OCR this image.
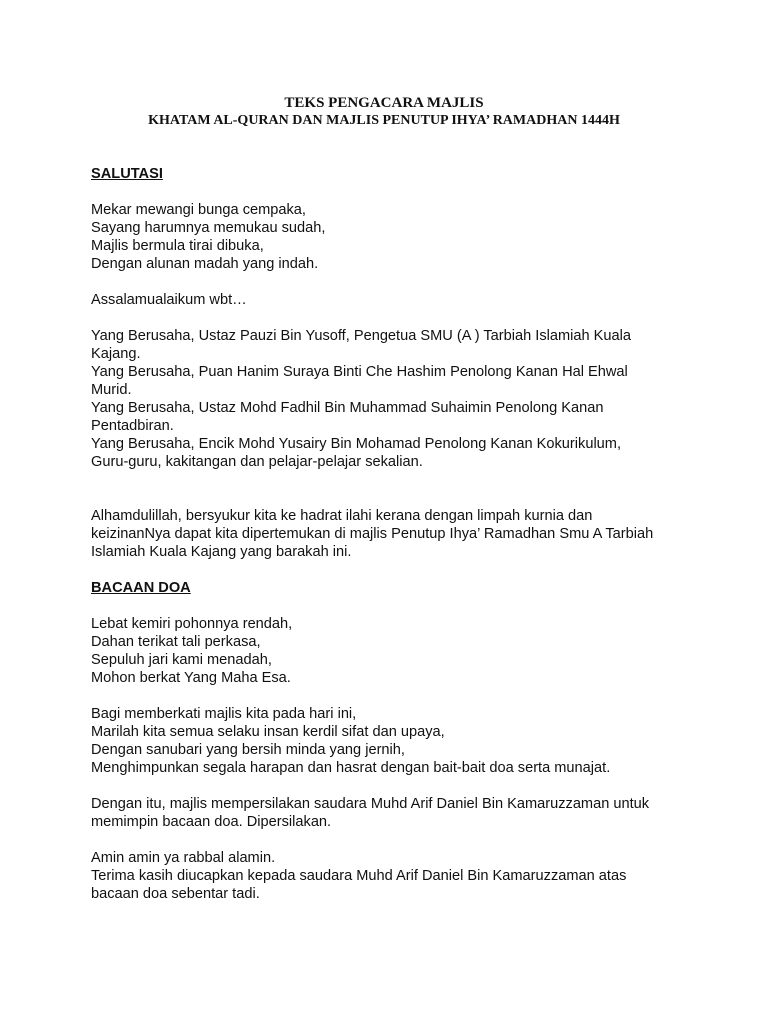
TEKS PENGACARA MAJLIS
KHATAM AL-QURAN DAN MAJLIS PENUTUP IHYA’ RAMADHAN 1444H

SALUTASI

Mekar mewangi bunga cempaka,
Sayang harumnya memukau sudah,
Majlis bermula tirai dibuka,
Dengan alunan madah yang indah.

Assalamualaikum wbt…

Yang Berusaha, Ustaz Pauzi Bin Yusoff, Pengetua SMU (A ) Tarbiah Islamiah Kuala
Kajang.
Yang Berusaha, Puan Hanim Suraya Binti Che Hashim Penolong Kanan Hal Ehwal
Murid.
Yang Berusaha, Ustaz Mohd Fadhil Bin Muhammad Suhaimin Penolong Kanan
Pentadbiran.
Yang Berusaha, Encik Mohd Yusairy Bin Mohamad Penolong Kanan Kokurikulum,
Guru-guru, kakitangan dan pelajar-pelajar sekalian.

Alhamdulillah, bersyukur kita ke hadrat ilahi kerana dengan limpah kurnia dan
keizinanNya dapat kita dipertemukan di majlis Penutup Ihya’ Ramadhan Smu A Tarbiah
Islamiah Kuala Kajang yang barakah ini.

BACAAN DOA

Lebat kemiri pohonnya rendah,
Dahan terikat tali perkasa,
Sepuluh jari kami menadah,
Mohon berkat Yang Maha Esa.

Bagi memberkati majlis kita pada hari ini,
Marilah kita semua selaku insan kerdil sifat dan upaya,
Dengan sanubari yang bersih minda yang jernih,
Menghimpunkan segala harapan dan hasrat dengan bait-bait doa serta munajat.

Dengan itu, majlis mempersilakan saudara Muhd Arif Daniel Bin Kamaruzzaman untuk
memimpin bacaan doa. Dipersilakan.

Amin amin ya rabbal alamin.
Terima kasih diucapkan kepada saudara Muhd Arif Daniel Bin Kamaruzzaman atas
bacaan doa sebentar tadi.
